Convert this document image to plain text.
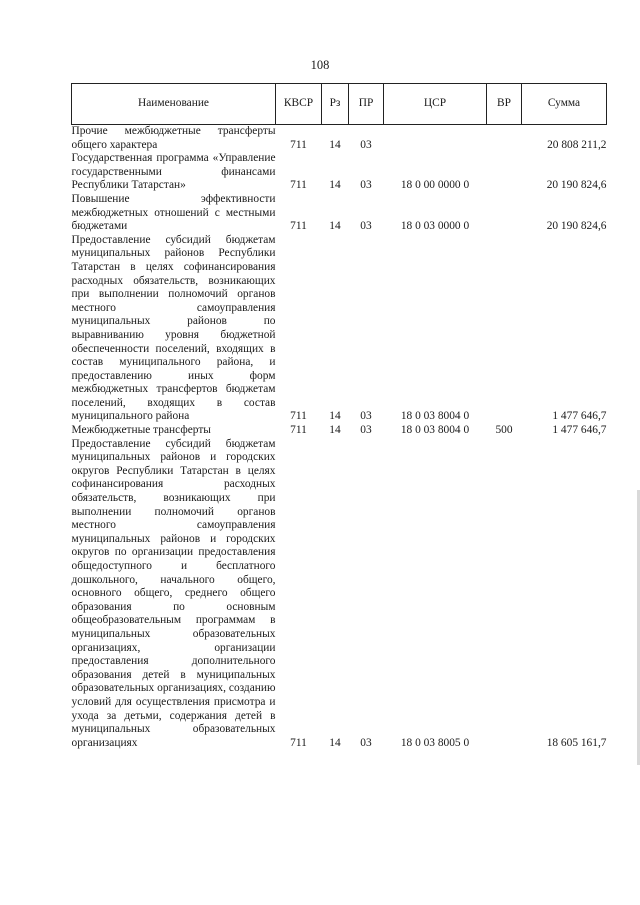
108
Наименование	КВСР	Рз	ПР	ЦСР	ВР	Сумма
Прочие межбюджетные трансферты общего характера	711	14	03			20 808 211,2
Государственная программа «Управление государственными финансами Республики Татарстан»	711	14	03	18 0 00 0000 0		20 190 824,6
Повышение эффективности межбюджетных отношений с местными бюджетами	711	14	03	18 0 03 0000 0		20 190 824,6
Предоставление субсидий бюджетам муниципальных районов Республики Татарстан в целях софинансирования расходных обязательств, возникающих при выполнении полномочий органов местного самоуправления муниципальных районов по выравниванию уровня бюджетной обеспеченности поселений, входящих в состав муниципального района, и предоставлению иных форм межбюджетных трансфертов бюджетам поселений, входящих в состав муниципального района	711	14	03	18 0 03 8004 0		1 477 646,7
Межбюджетные трансферты	711	14	03	18 0 03 8004 0	500	1 477 646,7
Предоставление субсидий бюджетам муниципальных районов и городских округов Республики Татарстан в целях софинансирования расходных обязательств, возникающих при выполнении полномочий органов местного самоуправления муниципальных районов и городских округов по организации предоставления общедоступного и бесплатного дошкольного, начального общего, основного общего, среднего общего образования по основным общеобразовательным программам в муниципальных образовательных организациях, организации предоставления дополнительного образования детей в муниципальных образовательных организациях, созданию условий для осуществления присмотра и ухода за детьми, содержания детей в муниципальных образовательных организациях	711	14	03	18 0 03 8005 0		18 605 161,7
